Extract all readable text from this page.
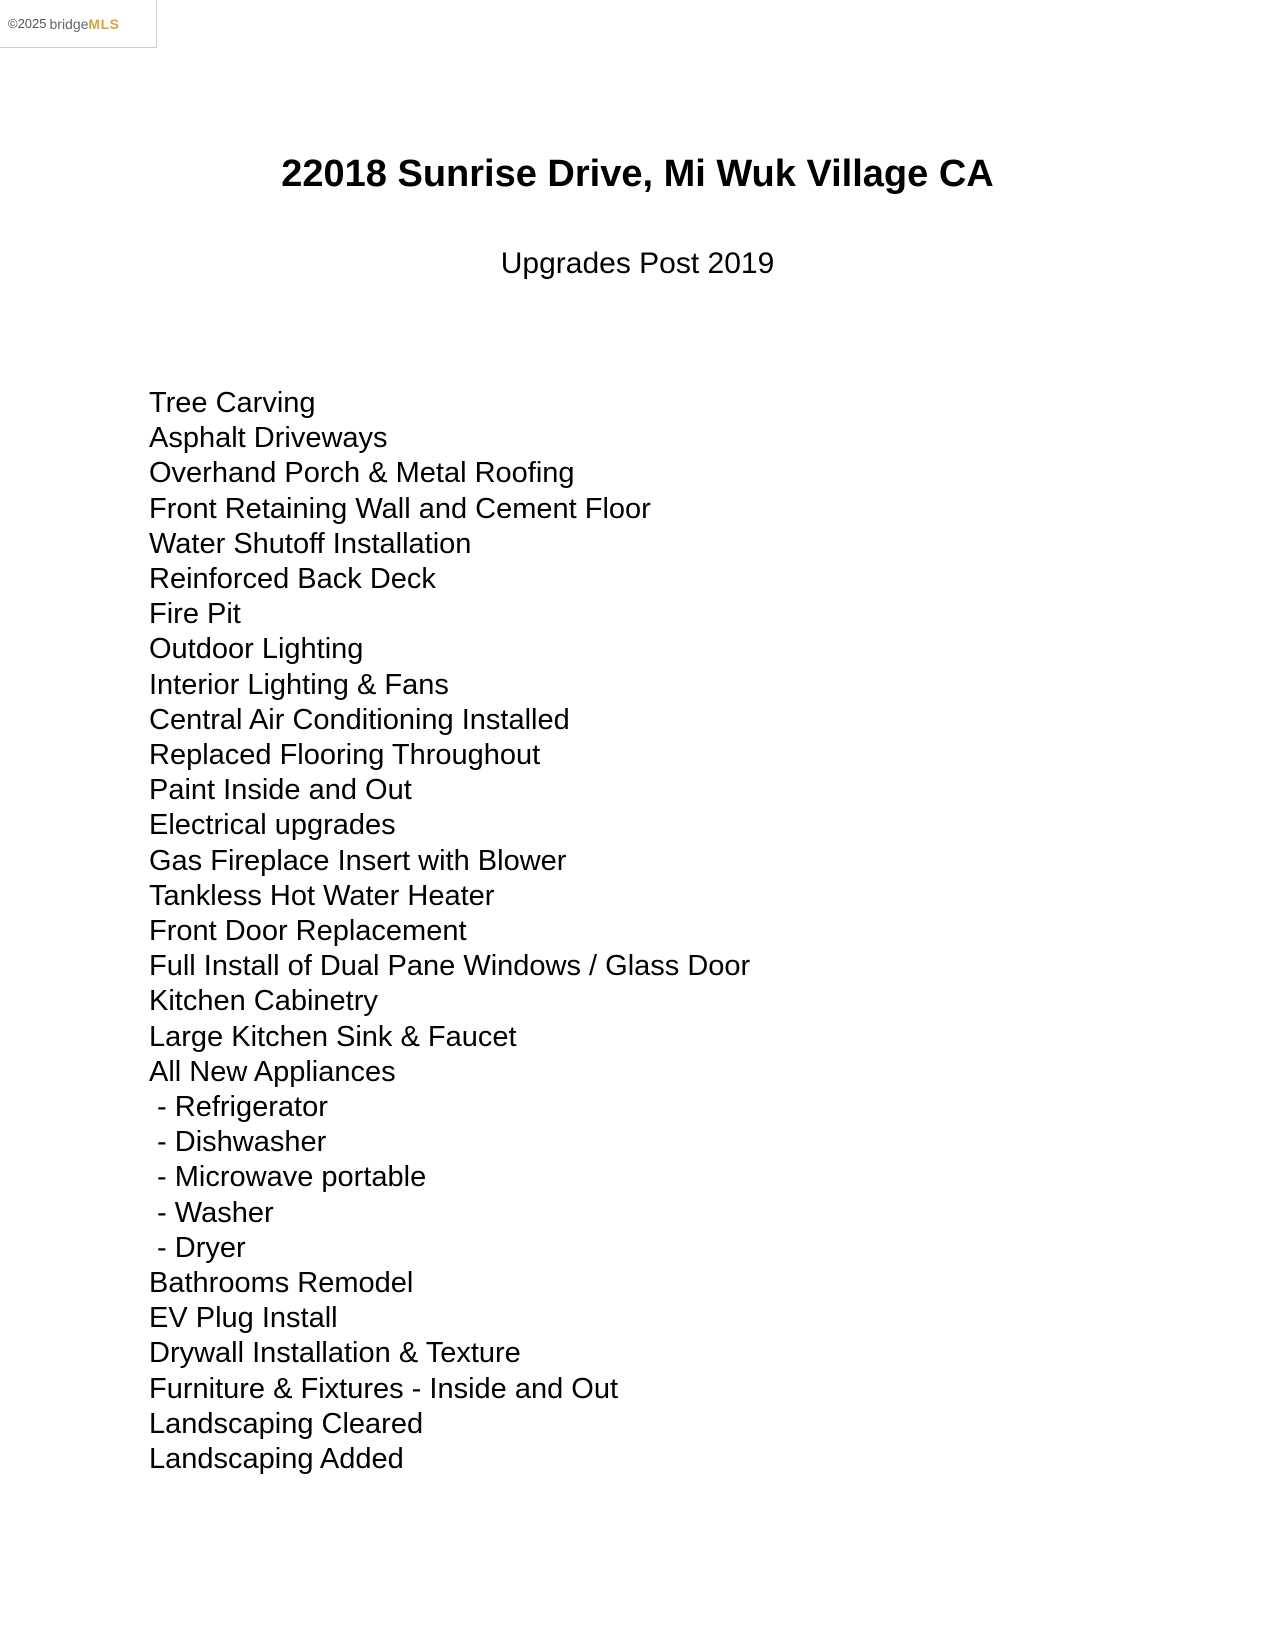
©2025 bridge MLS
22018 Sunrise Drive, Mi Wuk Village CA

Upgrades Post 2019

Tree Carving
Asphalt Driveways
Overhand Porch & Metal Roofing
Front Retaining Wall and Cement Floor
Water Shutoff Installation
Reinforced Back Deck
Fire Pit
Outdoor Lighting
Interior Lighting & Fans
Central Air Conditioning Installed
Replaced Flooring Throughout
Paint Inside and Out
Electrical upgrades
Gas Fireplace Insert with Blower
Tankless Hot Water Heater
Front Door Replacement
Full Install of Dual Pane Windows / Glass Door
Kitchen Cabinetry
Large Kitchen Sink & Faucet
All New Appliances
- Refrigerator
- Dishwasher
- Microwave portable
- Washer
- Dryer
Bathrooms Remodel
EV Plug Install
Drywall Installation & Texture
Furniture & Fixtures - Inside and Out
Landscaping Cleared
Landscaping Added
